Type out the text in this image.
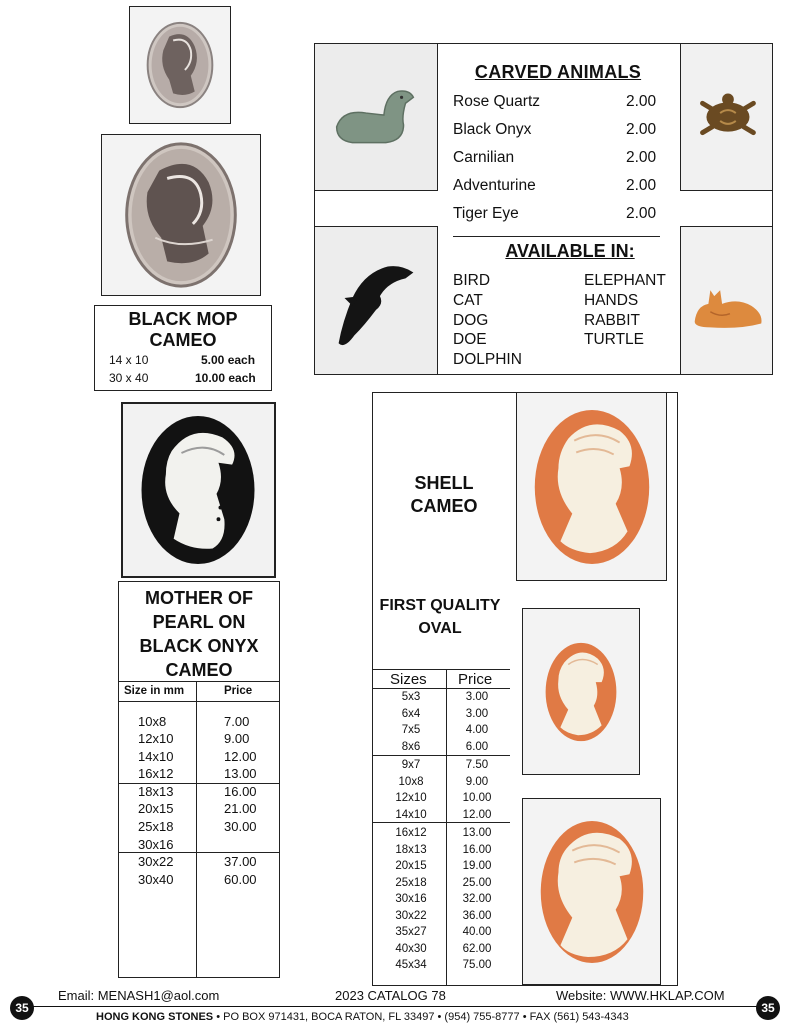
BLACK MOP CAMEO
14 x 10	5.00 each
30 x 40	10.00 each
CARVED ANIMALS
Rose Quartz	2.00
Black Onyx	2.00
Carnilian	2.00
Adventurine	2.00
Tiger Eye	2.00
AVAILABLE IN:
BIRD
CAT
DOG
DOE
DOLPHIN
ELEPHANT
HANDS
RABBIT
TURTLE
MOTHER OF PEARL ON BLACK ONYX CAMEO
Size in mm	Price
10x8	7.00
12x10	9.00
14x10	12.00
16x12	13.00
18x13	16.00
20x15	21.00
25x18	30.00
30x16
30x22	37.00
30x40	60.00
SHELL CAMEO
FIRST QUALITY OVAL
Sizes Price
5x3	3.00
6x4	3.00
7x5	4.00
8x6	6.00
9x7	7.50
10x8	9.00
12x10	10.00
14x10	12.00
16x12	13.00
18x13	16.00
20x15	19.00
25x18	25.00
30x16	32.00
30x22	36.00
35x27	40.00
40x30	62.00
45x34	75.00
Email: MENASH1@aol.com	2023 CATALOG 78	Website: WWW.HKLAP.COM
35	35
HONG KONG STONES • PO BOX 971431, BOCA RATON, FL 33497 • (954) 755-8777 • FAX (561) 543-4343
